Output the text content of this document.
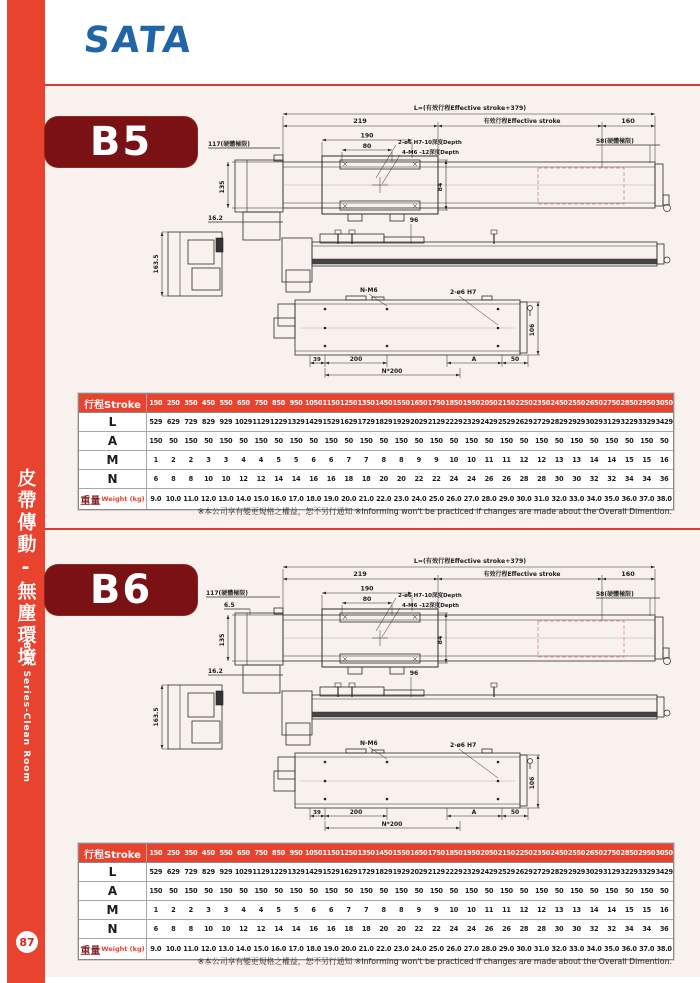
皮帶傳動-無塵環境
Belt Series-Clean Room
87
SATA
B5
B6
L=(有效行程Effective stroke+379)
219	有效行程Effective stroke	160
190
80
117(硬體極限)	58(硬體極限)
2-ø6 H7-10深度Depth
4-M6 -12深度Depth
135	84
16.2	96
163.5
N-M6	2-ø6 H7
106
39	200	A	50
N*200
L=(有效行程Effective stroke+379)
219	有效行程Effective stroke	160
190
80
117(硬體極限)
6.5
58(硬體極限)
2-ø6 H7-10深度Depth
4-M6 -12深度Depth
135	84
16.2	96
163.5
N-M6	2-ø6 H7
106
39	200	A	50
N*200
行程Stroke	150 250 350 450 550 650 750 850 950 1050 1150 1250 1350 1450 1550 1650 1750 1850 1950 2050 2150 2250 2350 2450 2550 2650 2750 2850 2950 3050
L	529 629 729 829 929 1029 1129 1229 1329 1429 1529 1629 1729 1829 1929 2029 2129 2229 2329 2429 2529 2629 2729 2829 2929 3029 3129 3229 3329 3429
A	150	50	150	50	150	50	150	50	150	50	150	50	150	50	150	50	150	50	150	50	150	50	150	50	150	50	150	50	150	50
M	1	2	2	3	3	4	4	5	5	6	6	7	7	8	8	9	9	10	10	11	11	12	12	13	13	14	14	15	15	16
N	6	8	8	10	10	12	12	14	14	16	16	18	18	20	20	22	22	24	24	26	26	28	28	30	30	32	32	34	34	36
重量 Weight (kg) 9.0 10.0 11.0 12.0 13.0 14.0 15.0 16.0 17.0 18.0 19.0 20.0 21.0 22.0 23.0 24.0 25.0 26.0 27.0 28.0 29.0 30.0 31.0 32.0 33.0 34.0 35.0 36.0 37.0 38.0
行程Stroke	150 250 350 450 550 650 750 850 950 1050 1150 1250 1350 1450 1550 1650 1750 1850 1950 2050 2150 2250 2350 2450 2550 2650 2750 2850 2950 3050
L	529 629 729 829 929 1029 1129 1229 1329 1429 1529 1629 1729 1829 1929 2029 2129 2229 2329 2429 2529 2629 2729 2829 2929 3029 3129 3229 3329 3429
A	150	50	150	50	150	50	150	50	150	50	150	50	150	50	150	50	150	50	150	50	150	50	150	50	150	50	150	50	150	50
M	1	2	2	3	3	4	4	5	5	6	6	7	7	8	8	9	9	10	10	11	11	12	12	13	13	14	14	15	15	16
N	6	8	8	10	10	12	12	14	14	16	16	18	18	20	20	22	22	24	24	26	26	28	28	30	30	32	32	34	34	36
重量 Weight (kg) 9.0 10.0 11.0 12.0 13.0 14.0 15.0 16.0 17.0 18.0 19.0 20.0 21.0 22.0 23.0 24.0 25.0 26.0 27.0 28.0 29.0 30.0 31.0 32.0 33.0 34.0 35.0 36.0 37.0 38.0
※本公司享有變更規格之權益，恕不另行通知 ※Informing won't be practiced if changes are made about the Overall Dimention.
※本公司享有變更規格之權益，恕不另行通知 ※Informing won't be practiced if changes are made about the Overall Dimention.
